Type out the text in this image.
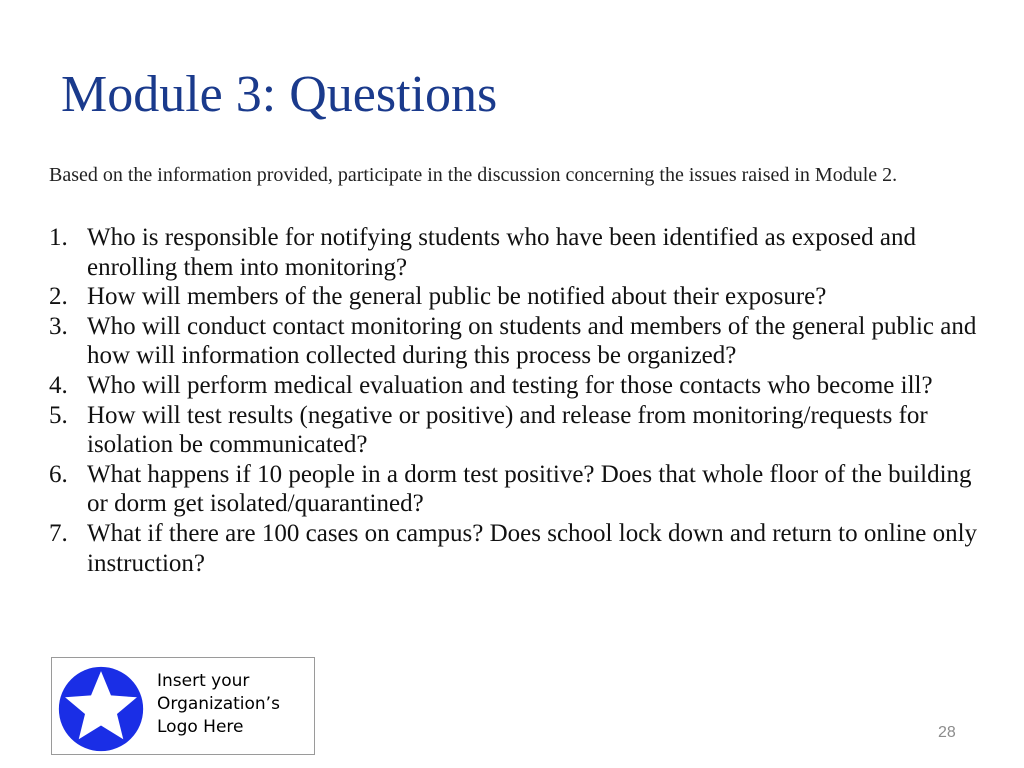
Module 3: Questions

Based on the information provided, participate in the discussion concerning the issues raised in Module 2.

1. Who is responsible for notifying students who have been identified as exposed and enrolling them into monitoring?
2. How will members of the general public be notified about their exposure?
3. Who will conduct contact monitoring on students and members of the general public and how will information collected during this process be organized?
4. Who will perform medical evaluation and testing for those contacts who become ill?
5. How will test results (negative or positive) and release from monitoring/requests for isolation be communicated?
6. What happens if 10 people in a dorm test positive? Does that whole floor of the building or dorm get isolated/quarantined?
7. What if there are 100 cases on campus? Does school lock down and return to online only instruction?
Insert your
Organization’s
Logo Here	28
